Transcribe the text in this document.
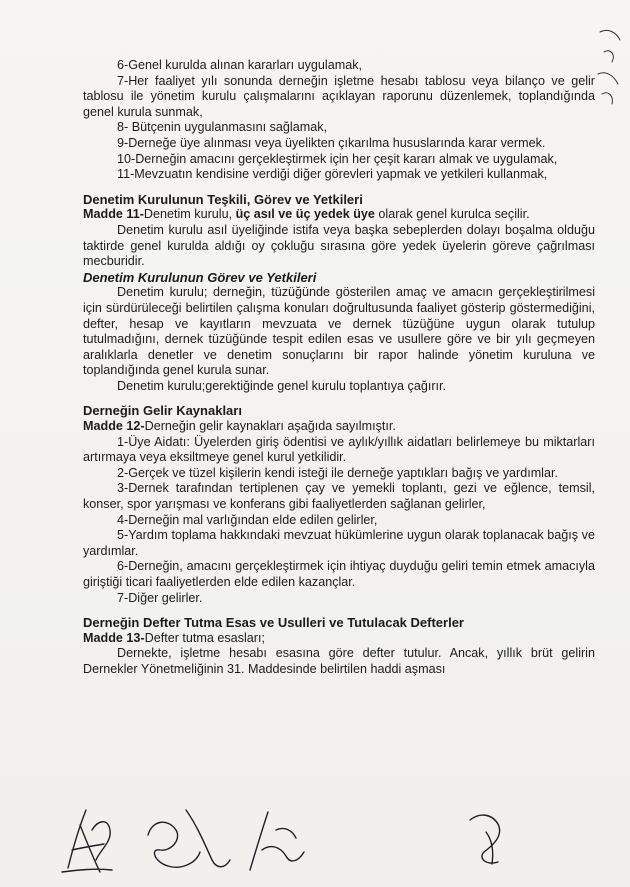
6-Genel kurulda alınan kararları uygulamak,

7-Her faaliyet yılı sonunda derneğin işletme hesabı tablosu veya bilanço ve gelir tablosu ile yönetim kurulu çalışmalarını açıklayan raporunu düzenlemek, toplandığında genel kurula sunmak,

8- Bütçenin uygulanmasını sağlamak,

9-Derneğe üye alınması veya üyelikten çıkarılma hususlarında karar vermek.

10-Derneğin amacını gerçekleştirmek için her çeşit kararı almak ve uygulamak,

11-Mevzuatın kendisine verdiği diğer görevleri yapmak ve yetkileri kullanmak,

Denetim Kurulunun Teşkili, Görev ve Yetkileri

Madde 11-Denetim kurulu, üç asıl ve üç yedek üye olarak genel kurulca seçilir.

Denetim kurulu asıl üyeliğinde istifa veya başka sebeplerden dolayı boşalma olduğu taktirde genel kurulda aldığı oy çokluğu sırasına göre yedek üyelerin göreve çağrılması mecburidir.

Denetim Kurulunun Görev ve Yetkileri

Denetim kurulu; derneğin, tüzüğünde gösterilen amaç ve amacın gerçekleştirilmesi için sürdürüleceği belirtilen çalışma konuları doğrultusunda faaliyet gösterip göstermediğini, defter, hesap ve kayıtların mevzuata ve dernek tüzüğüne uygun olarak tutulup tutulmadığını, dernek tüzüğünde tespit edilen esas ve usullere göre ve bir yılı geçmeyen aralıklarla denetler ve denetim sonuçlarını bir rapor halinde yönetim kuruluna ve toplandığında genel kurula sunar.

Denetim kurulu;gerektiğinde genel kurulu toplantıya çağırır.

Derneğin Gelir Kaynakları

Madde 12-Derneğin gelir kaynakları aşağıda sayılmıştır.

1-Üye Aidatı: Üyelerden giriş ödentisi ve aylık/yıllık aidatları belirlemeye bu miktarları artırmaya veya eksiltmeye genel kurul yetkilidir.

2-Gerçek ve tüzel kişilerin kendi isteği ile derneğe yaptıkları bağış ve yardımlar.

3-Dernek tarafından tertiplenen çay ve yemekli toplantı, gezi ve eğlence, temsil, konser, spor yarışması ve konferans gibi faaliyetlerden sağlanan gelirler,

4-Derneğin mal varlığından elde edilen gelirler,

5-Yardım toplama hakkındaki mevzuat hükümlerine uygun olarak toplanacak bağış ve yardımlar.

6-Derneğin, amacını gerçekleştirmek için ihtiyaç duyduğu geliri temin etmek amacıyla giriştiği ticari faaliyetlerden elde edilen kazançlar.

7-Diğer gelirler.

Derneğin Defter Tutma Esas ve Usulleri ve Tutulacak Defterler

Madde 13-Defter tutma esasları;

Dernekte, işletme hesabı esasına göre defter tutulur. Ancak, yıllık brüt gelirin Dernekler Yönetmeliğinin 31. Maddesinde belirtilen haddi aşması
